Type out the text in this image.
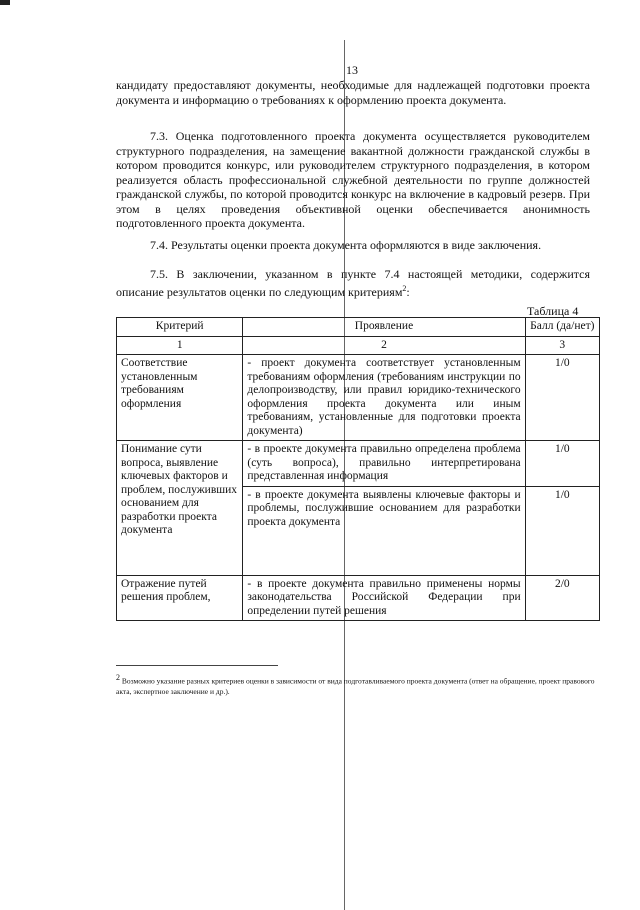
13

кандидату предоставляют документы, необходимые для надлежащей подготовки проекта документа и информацию о требованиях к оформлению проекта документа.

7.3. Оценка подготовленного проекта документа осуществляется руководителем структурного подразделения, на замещение вакантной должности гражданской службы в котором проводится конкурс, или руководителем структурного подразделения, в котором реализуется область профессиональной служебной деятельности по группе должностей гражданской службы, по которой проводится конкурс на включение в кадровый резерв. При этом в целях проведения объективной оценки обеспечивается анонимность подготовленного проекта документа.

7.4. Результаты оценки проекта документа оформляются в виде заключения.

7.5. В заключении, указанном в пункте 7.4 настоящей методики, содержится описание результатов оценки по следующим критериям$^2$:

Таблица 4
Критерий	Проявление	Балл (да/нет)
1	2	3
Соответствие установленным требованиям оформления	- проект документа соответствует установленным требованиям оформления (требованиям инструкции по делопроизводству, или правил юридико-технического оформления проекта документа или иным требованиям, установленные для подготовки проекта документа)	1/0
Понимание сути вопроса, выявление ключевых факторов и проблем, послуживших основанием для разработки проекта документа	- в проекте документа правильно определена проблема (суть вопроса), правильно интерпретирована представленная информация	1/0
	- в проекте документа выявлены ключевые факторы и проблемы, послужившие основанием для разработки проекта документа	1/0
Отражение путей решения проблем,	- в проекте документа правильно применены нормы законодательства Российской Федерации при определении путей решения	2/0

$^2$ Возможно указание разных критериев оценки в зависимости от вида подготавливаемого проекта документа (ответ на обращение, проект правового акта, экспертное заключение и др.).
